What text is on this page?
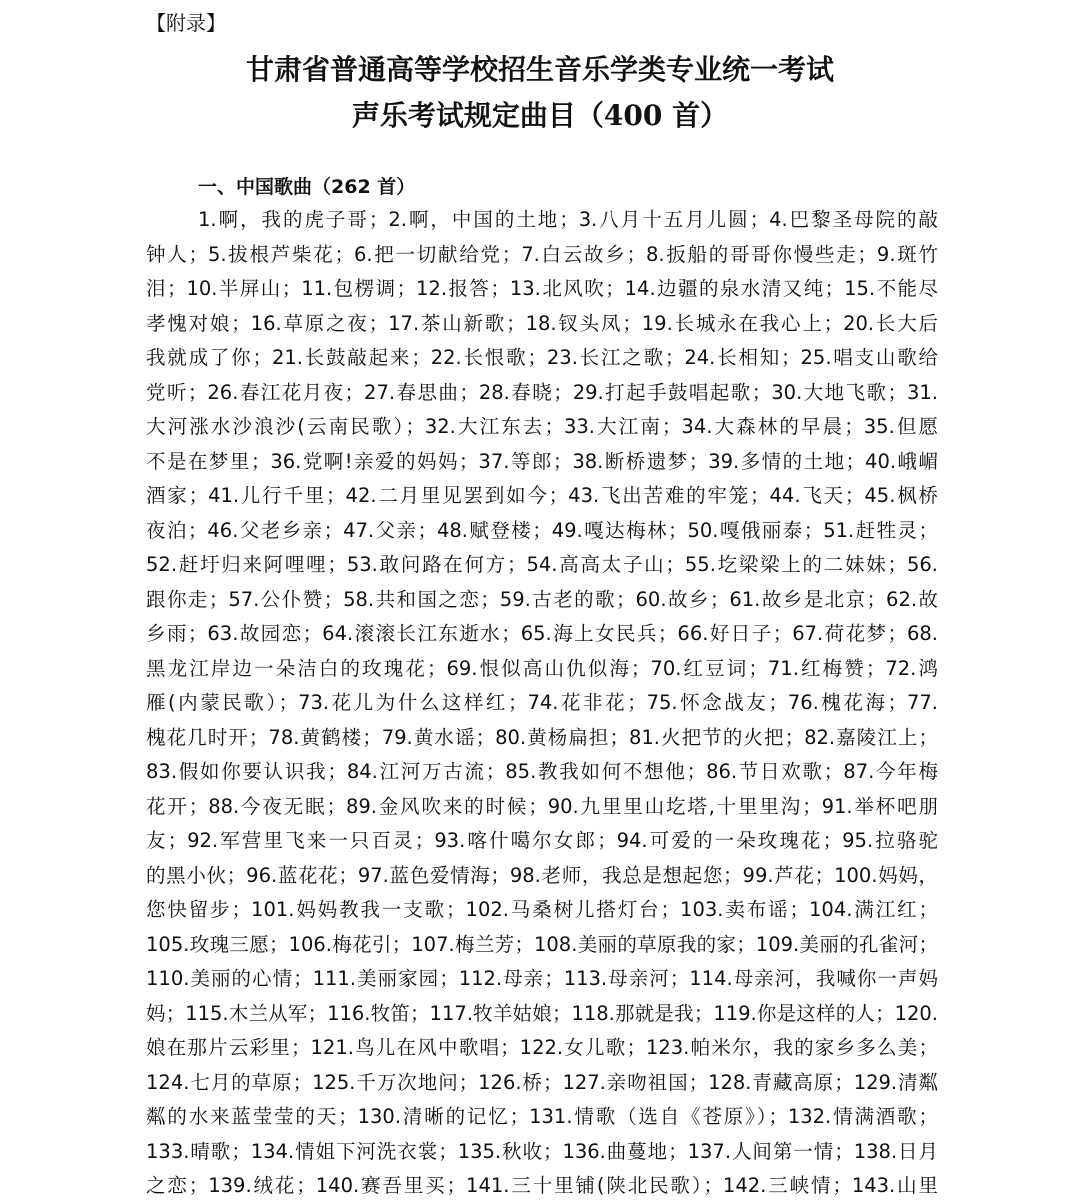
【附录】
甘肃省普通高等学校招生音乐学类专业统一考试
声乐考试规定曲目（400 首）
一、中国歌曲（262 首）
1.啊，我的虎子哥；2.啊，中国的土地；3.八月十五月儿圆；4.巴黎圣母院的敲
钟人；5.拔根芦柴花；6.把一切献给党；7.白云故乡；8.扳船的哥哥你慢些走；9.斑竹
泪；10.半屏山；11.包楞调；12.报答；13.北风吹；14.边疆的泉水清又纯；15.不能尽
孝愧对娘；16.草原之夜；17.茶山新歌；18.钗头凤；19.长城永在我心上；20.长大后
我就成了你；21.长鼓敲起来；22.长恨歌；23.长江之歌；24.长相知；25.唱支山歌给
党听；26.春江花月夜；27.春思曲；28.春晓；29.打起手鼓唱起歌；30.大地飞歌；31.
大河涨水沙浪沙(云南民歌）；32.大江东去；33.大江南；34.大森林的早晨；35.但愿
不是在梦里；36.党啊!亲爱的妈妈；37.等郎；38.断桥遗梦；39.多情的土地；40.峨嵋
酒家；41.儿行千里；42.二月里见罢到如今；43.飞出苦难的牢笼；44.飞天；45.枫桥
夜泊；46.父老乡亲；47.父亲；48.赋登楼；49.嘎达梅林；50.嘎俄丽泰；51.赶牲灵；
52.赶圩归来阿哩哩；53.敢问路在何方；54.高高太子山；55.圪梁梁上的二妹妹；56.
跟你走；57.公仆赞；58.共和国之恋；59.古老的歌；60.故乡；61.故乡是北京；62.故
乡雨；63.故园恋；64.滚滚长江东逝水；65.海上女民兵；66.好日子；67.荷花梦；68.
黑龙江岸边一朵洁白的玫瑰花；69.恨似高山仇似海；70.红豆词；71.红梅赞；72.鸿
雁(内蒙民歌）；73.花儿为什么这样红；74.花非花；75.怀念战友；76.槐花海；77.
槐花几时开；78.黄鹤楼；79.黄水谣；80.黄杨扁担；81.火把节的火把；82.嘉陵江上；
83.假如你要认识我；84.江河万古流；85.教我如何不想他；86.节日欢歌；87.今年梅
花开；88.今夜无眠；89.金风吹来的时候；90.九里里山圪塔,十里里沟；91.举杯吧朋
友；92.军营里飞来一只百灵；93.喀什噶尔女郎；94.可爱的一朵玫瑰花；95.拉骆驼
的黑小伙；96.蓝花花；97.蓝色爱情海；98.老师，我总是想起您；99.芦花；100.妈妈，
您快留步；101.妈妈教我一支歌；102.马桑树儿搭灯台；103.卖布谣；104.满江红；
105.玫瑰三愿；106.梅花引；107.梅兰芳；108.美丽的草原我的家；109.美丽的孔雀河；
110.美丽的心情；111.美丽家园；112.母亲；113.母亲河；114.母亲河，我喊你一声妈
妈；115.木兰从军；116.牧笛；117.牧羊姑娘；118.那就是我；119.你是这样的人；120.
娘在那片云彩里；121.鸟儿在风中歌唱；122.女儿歌；123.帕米尔，我的家乡多么美；
124.七月的草原；125.千万次地问；126.桥；127.亲吻祖国；128.青藏高原；129.清粼
粼的水来蓝莹莹的天；130.清晰的记忆；131.情歌（选自《苍原》）；132.情满酒歌；
133.晴歌；134.情姐下河洗衣裳；135.秋收；136.曲蔓地；137.人间第一情；138.日月
之恋；139.绒花；140.赛吾里买；141.三十里铺(陕北民歌）；142.三峡情；143.山里
